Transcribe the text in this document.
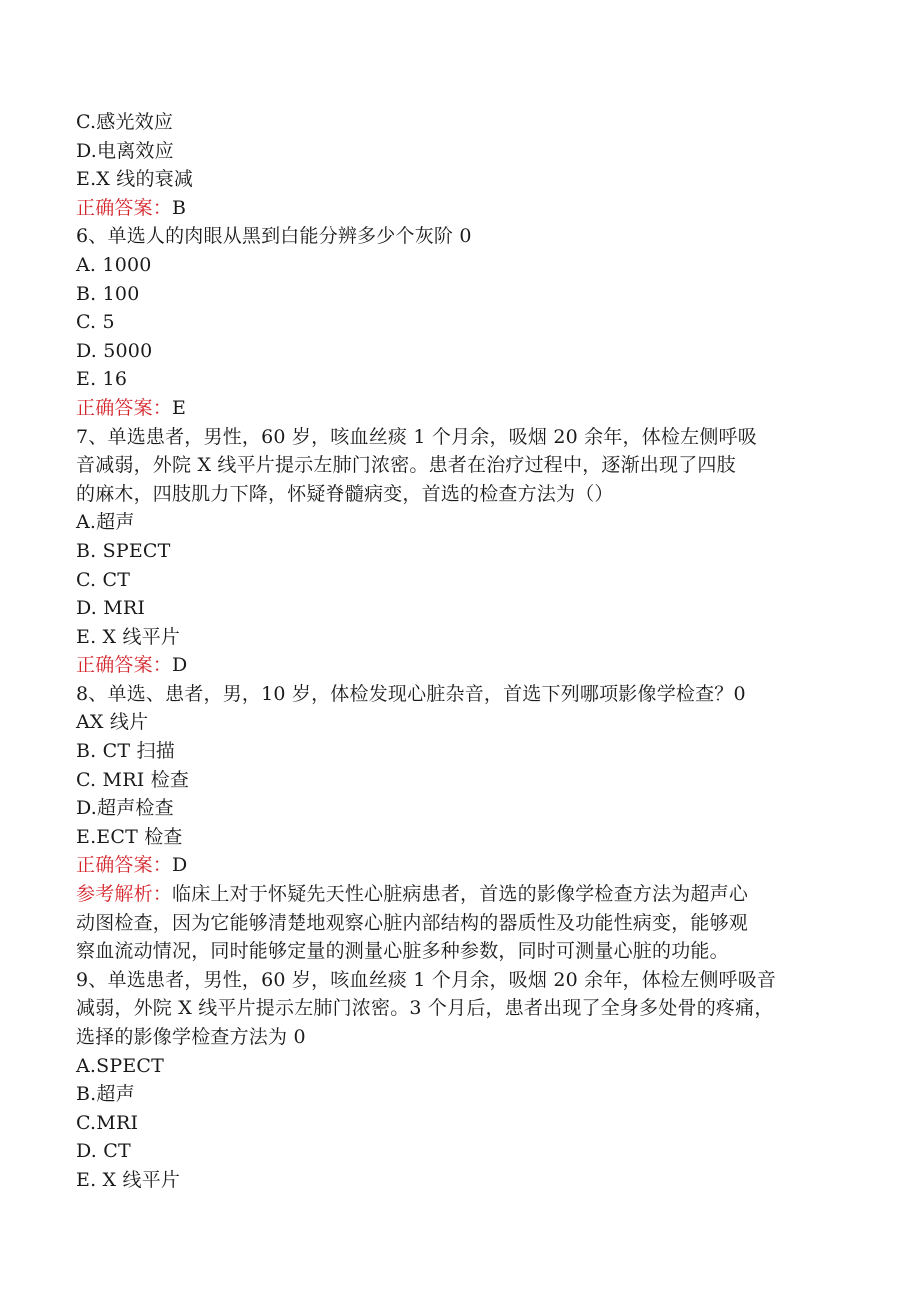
C.感光效应
D.电离效应
E.X 线的衰减
正确答案：B
6、单选人的肉眼从黑到白能分辨多少个灰阶 0
A. 1000
B. 100
C. 5
D. 5000
E. 16
正确答案：E
7、单选患者，男性，60 岁，咳血丝痰 1 个月余，吸烟 20 余年，体检左侧呼吸
音减弱，外院 X 线平片提示左肺门浓密。患者在治疗过程中，逐渐出现了四肢
的麻木，四肢肌力下降，怀疑脊髓病变，首选的检查方法为（）
A.超声
B. SPECT
C. CT
D. MRI
E. X 线平片
正确答案：D
8、单选、患者，男，10 岁，体检发现心脏杂音，首选下列哪项影像学检查？0
AX 线片
B. CT 扫描
C. MRI 检查
D.超声检查
E.ECT 检查
正确答案：D
参考解析：临床上对于怀疑先天性心脏病患者，首选的影像学检查方法为超声心
动图检查，因为它能够清楚地观察心脏内部结构的器质性及功能性病变，能够观
察血流动情况，同时能够定量的测量心脏多种参数，同时可测量心脏的功能。
9、单选患者，男性，60 岁，咳血丝痰 1 个月余，吸烟 20 余年，体检左侧呼吸音
减弱，外院 X 线平片提示左肺门浓密。3 个月后，患者出现了全身多处骨的疼痛，
选择的影像学检查方法为 0
A.SPECT
B.超声
C.MRI
D. CT
E. X 线平片
